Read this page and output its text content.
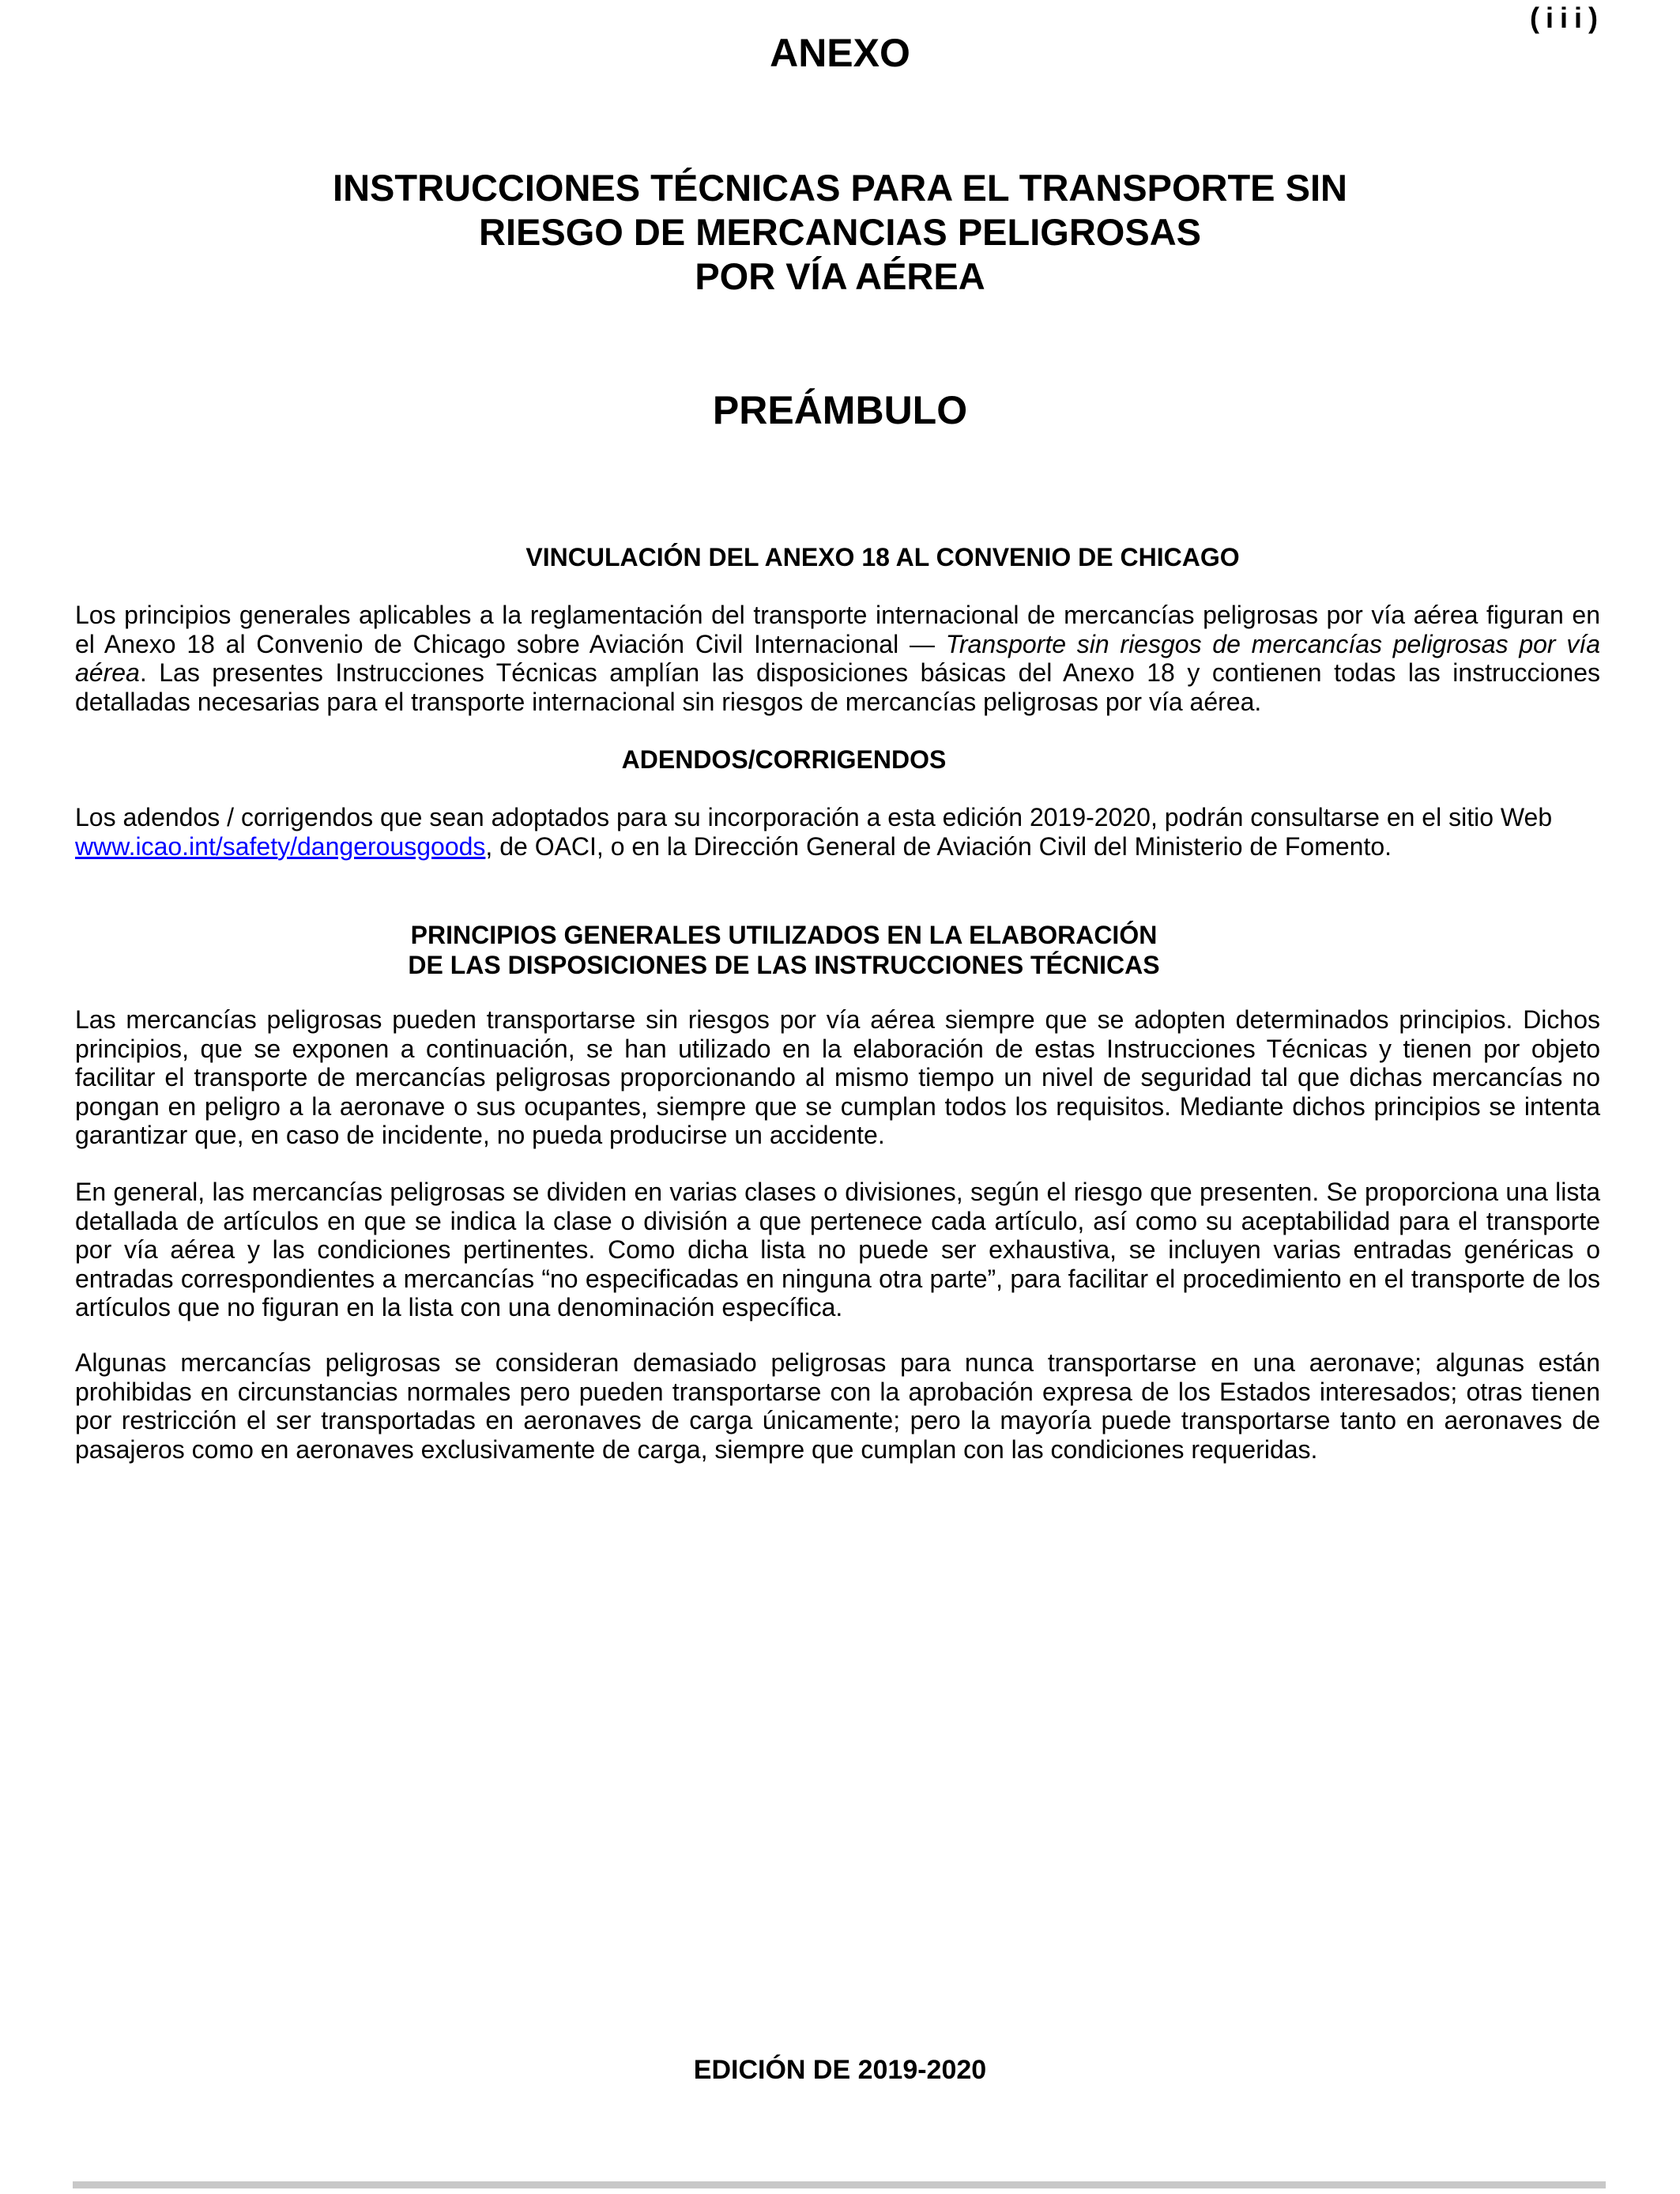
(iii)
ANEXO
INSTRUCCIONES TÉCNICAS PARA EL TRANSPORTE SIN
RIESGO DE MERCANCIAS PELIGROSAS
POR VÍA AÉREA
PREÁMBULO
VINCULACIÓN DEL ANEXO 18 AL CONVENIO DE CHICAGO
Los principios generales aplicables a la reglamentación del transporte internacional de mercancías peligrosas por vía aérea figuran en el Anexo 18 al Convenio de Chicago sobre Aviación Civil Internacional — Transporte sin riesgos de mercancías peligrosas por vía aérea. Las presentes Instrucciones Técnicas amplían las disposiciones básicas del Anexo 18 y contienen todas las instrucciones detalladas necesarias para el transporte internacional sin riesgos de mercancías peligrosas por vía aérea.
ADENDOS/CORRIGENDOS
Los adendos / corrigendos que sean adoptados para su incorporación a esta edición 2019-2020, podrán consultarse en el sitio Web www.icao.int/safety/dangerousgoods, de OACI, o en la Dirección General de Aviación Civil del Ministerio de Fomento.
PRINCIPIOS GENERALES UTILIZADOS EN LA ELABORACIÓN
DE LAS DISPOSICIONES DE LAS INSTRUCCIONES TÉCNICAS
Las mercancías peligrosas pueden transportarse sin riesgos por vía aérea siempre que se adopten determinados principios. Dichos principios, que se exponen a continuación, se han utilizado en la elaboración de estas Instrucciones Técnicas y tienen por objeto facilitar el transporte de mercancías peligrosas proporcionando al mismo tiempo un nivel de seguridad tal que dichas mercancías no pongan en peligro a la aeronave o sus ocupantes, siempre que se cumplan todos los requisitos. Mediante dichos principios se intenta garantizar que, en caso de incidente, no pueda producirse un accidente.
En general, las mercancías peligrosas se dividen en varias clases o divisiones, según el riesgo que presenten. Se proporciona una lista detallada de artículos en que se indica la clase o división a que pertenece cada artículo, así como su aceptabilidad para el transporte por vía aérea y las condiciones pertinentes. Como dicha lista no puede ser exhaustiva, se incluyen varias entradas genéricas o entradas correspondientes a mercancías “no especificadas en ninguna otra parte”, para facilitar el procedimiento en el transporte de los artículos que no figuran en la lista con una denominación específica.
Algunas mercancías peligrosas se consideran demasiado peligrosas para nunca transportarse en una aeronave; algunas están prohibidas en circunstancias normales pero pueden transportarse con la aprobación expresa de los Estados interesados; otras tienen por restricción el ser transportadas en aeronaves de carga únicamente; pero la mayoría puede transportarse tanto en aeronaves de pasajeros como en aeronaves exclusivamente de carga, siempre que cumplan con las condiciones requeridas.
EDICIÓN DE 2019-2020
